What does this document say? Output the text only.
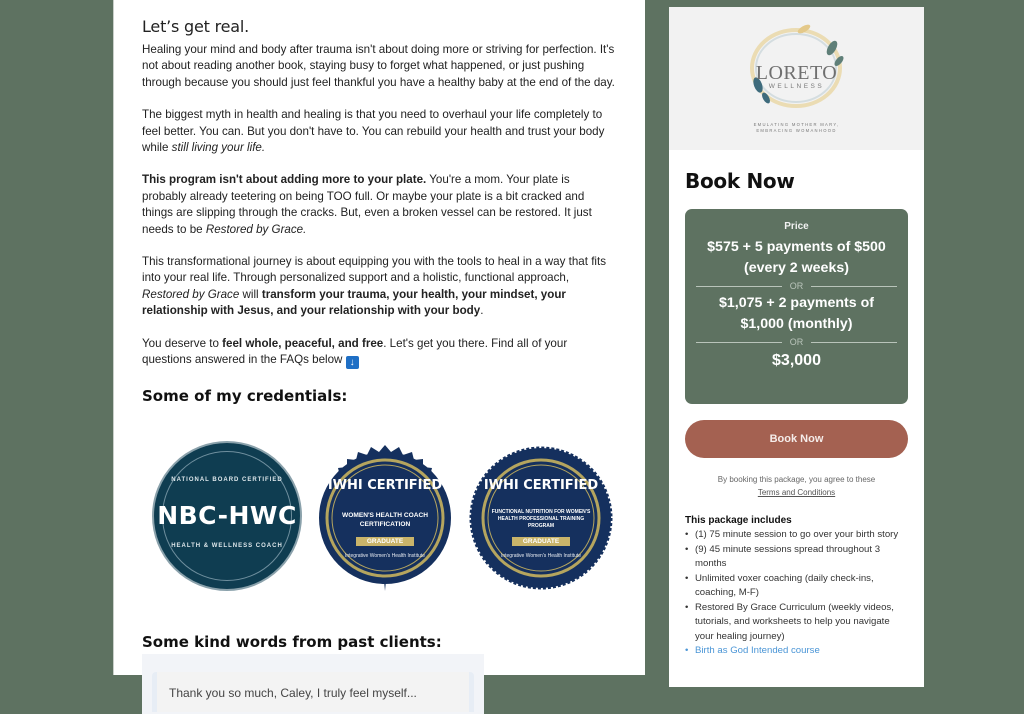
Let’s get real.

Healing your mind and body after trauma isn't about doing more or striving for perfection. It's not about reading another book, staying busy to forget what happened, or just pushing through because you should just feel thankful you have a healthy baby at the end of the day.

The biggest myth in health and healing is that you need to overhaul your life completely to feel better. You can. But you don't have to. You can rebuild your health and trust your body while still living your life.

This program isn't about adding more to your plate. You're a mom. Your plate is probably already teetering on being TOO full. Or maybe your plate is a bit cracked and things are slipping through the cracks. But, even a broken vessel can be restored. It just needs to be Restored by Grace.

This transformational journey is about equipping you with the tools to heal in a way that fits into your real life. Through personalized support and a holistic, functional approach, Restored by Grace will transform your trauma, your health, your mindset, your relationship with Jesus, and your relationship with your body.

You deserve to feel whole, peaceful, and free. Let's get you there. Find all of your questions answered in the FAQs below ↓

Some of my credentials:
NATIONAL BOARD CERTIFIED
NBC-HWC
HEALTH & WELLNESS COACH
IWHI CERTIFIED
WOMEN'S HEALTH COACH CERTIFICATION
GRADUATE
Integrative Women's Health Institute
IWHI CERTIFIED
FUNCTIONAL NUTRITION FOR WOMEN'S HEALTH PROFESSIONAL TRAINING PROGRAM
GRADUATE
Integrative Women's Health Institute
Some kind words from past clients:
Thank you so much, Caley, I truly feel myself...
LORETO
WELLNESS
EMULATING MOTHER MARY,
EMBRACING WOMANHOOD
Book Now
Price
$575 + 5 payments of $500 (every 2 weeks)
OR
$1,075 + 2 payments of $1,000 (monthly)
OR
$3,000
Book Now
By booking this package, you agree to these
Terms and Conditions
This package includes
• (1) 75 minute session to go over your birth story
• (9) 45 minute sessions spread throughout 3 months
• Unlimited voxer coaching (daily check-ins, coaching, M-F)
• Restored By Grace Curriculum (weekly videos, tutorials, and worksheets to help you navigate your healing journey)
• Birth as God Intended course
